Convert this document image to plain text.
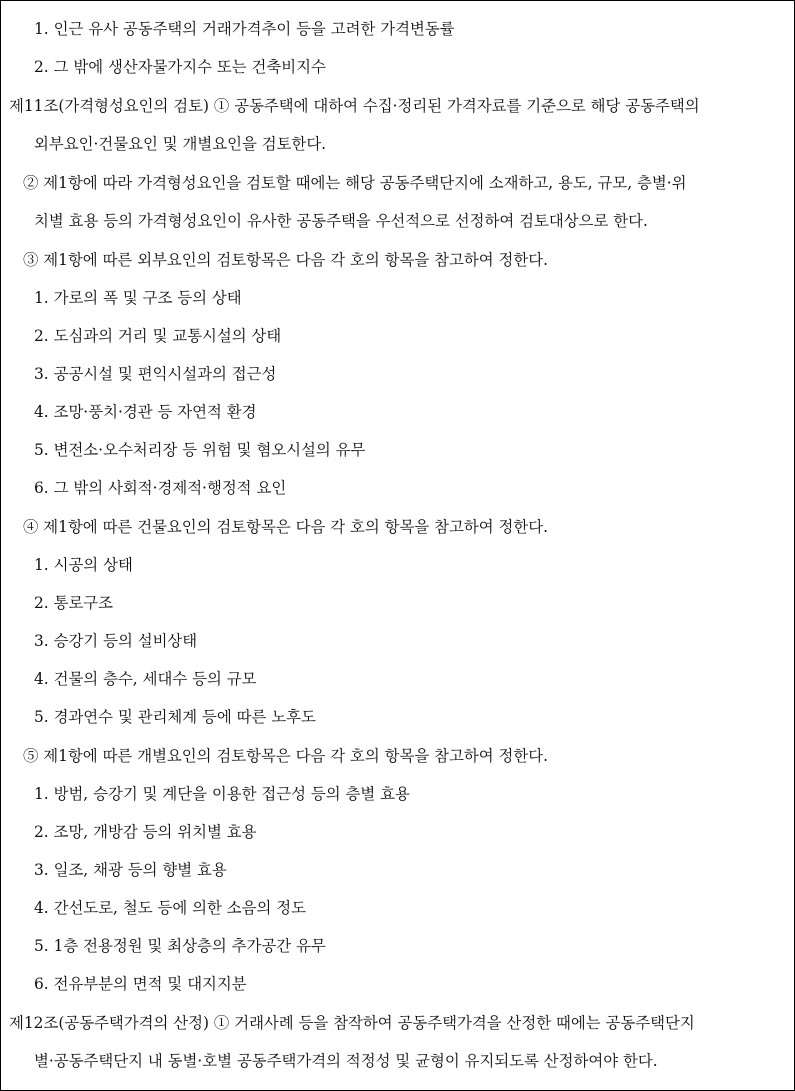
1. 인근 유사 공동주택의 거래가격추이 등을 고려한 가격변동률
2. 그 밖에 생산자물가지수 또는 건축비지수
제11조(가격형성요인의 검토) ① 공동주택에 대하여 수집·정리된 가격자료를 기준으로 해당 공동주택의
외부요인·건물요인 및 개별요인을 검토한다.
② 제1항에 따라 가격형성요인을 검토할 때에는 해당 공동주택단지에 소재하고, 용도, 규모, 층별·위
치별 효용 등의 가격형성요인이 유사한 공동주택을 우선적으로 선정하여 검토대상으로 한다.
③ 제1항에 따른 외부요인의 검토항목은 다음 각 호의 항목을 참고하여 정한다.
1. 가로의 폭 및 구조 등의 상태
2. 도심과의 거리 및 교통시설의 상태
3. 공공시설 및 편익시설과의 접근성
4. 조망·풍치·경관 등 자연적 환경
5. 변전소·오수처리장 등 위험 및 혐오시설의 유무
6. 그 밖의 사회적·경제적·행정적 요인
④ 제1항에 따른 건물요인의 검토항목은 다음 각 호의 항목을 참고하여 정한다.
1. 시공의 상태
2. 통로구조
3. 승강기 등의 설비상태
4. 건물의 층수, 세대수 등의 규모
5. 경과연수 및 관리체계 등에 따른 노후도
⑤ 제1항에 따른 개별요인의 검토항목은 다음 각 호의 항목을 참고하여 정한다.
1. 방범, 승강기 및 계단을 이용한 접근성 등의 층별 효용
2. 조망, 개방감 등의 위치별 효용
3. 일조, 채광 등의 향별 효용
4. 간선도로, 철도 등에 의한 소음의 정도
5. 1층 전용정원 및 최상층의 추가공간 유무
6. 전유부분의 면적 및 대지지분
제12조(공동주택가격의 산정) ① 거래사례 등을 참작하여 공동주택가격을 산정한 때에는 공동주택단지
별·공동주택단지 내 동별·호별 공동주택가격의 적정성 및 균형이 유지되도록 산정하여야 한다.
